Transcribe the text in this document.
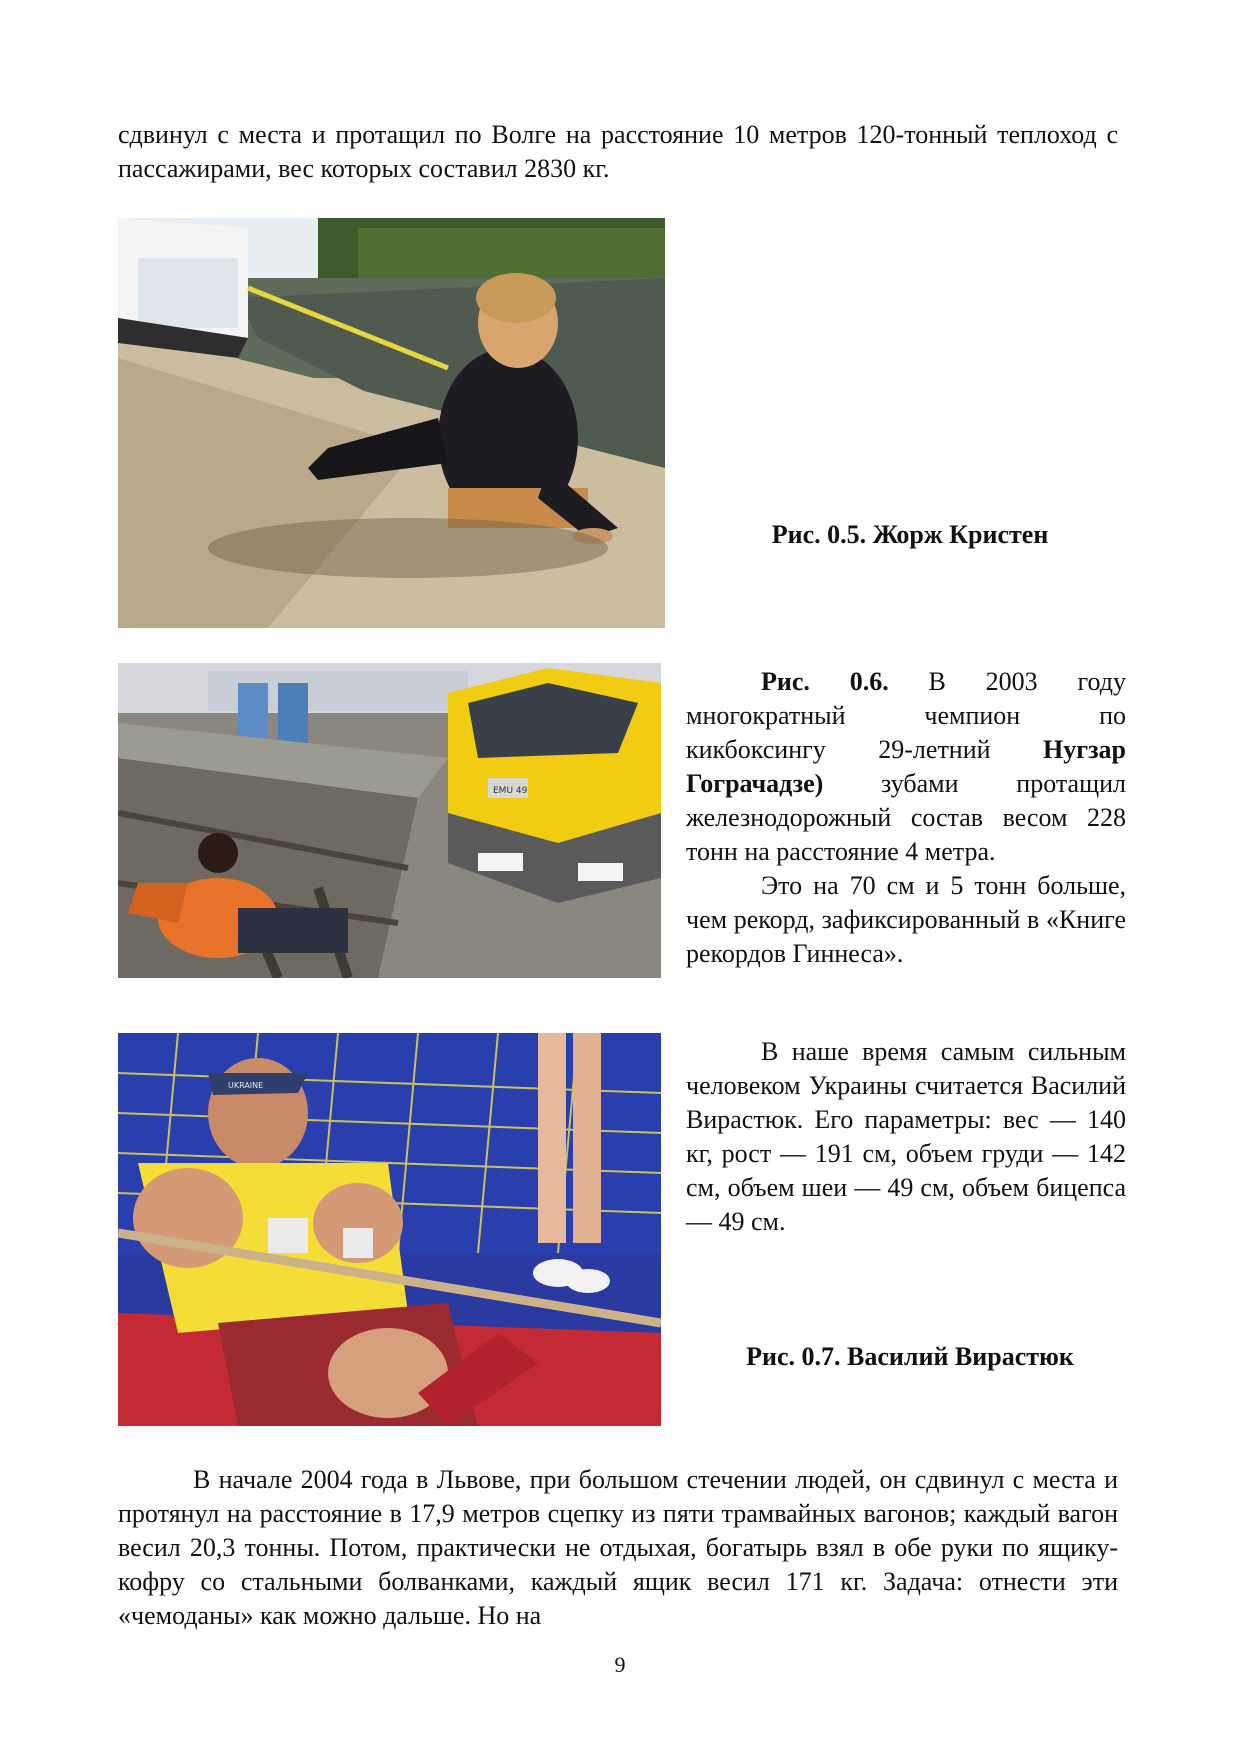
сдвинул с места и протащил по Волге на расстояние 10 метров 120-тонный теплоход с пассажирами, вес которых составил 2830 кг.

Рис. 0.5. Жорж Кристен
EMU 49

Рис. 0.6. В 2003 году многократный чемпион по кикбоксингу 29-летний Нугзар Гограчадзе) зубами протащил железнодорожный состав весом 228 тонн на расстояние 4 метра.

Это на 70 см и 5 тонн больше, чем рекорд, зафиксированный в «Книге рекордов Гиннеса».

UKRAINE

В наше время самым сильным человеком Украины считается Василий Вирастюк. Его параметры: вес — 140 кг, рост — 191 см, объем груди — 142 см, объем шеи — 49 см, объем бицепса — 49 см.

Рис. 0.7. Василий Вирастюк

В начале 2004 года в Львове, при большом стечении людей, он сдвинул с места и протянул на расстояние в 17,9 метров сцепку из пяти трамвайных вагонов; каждый вагон весил 20,3 тонны. Потом, практически не отдыхая, богатырь взял в обе руки по ящику-кофру со стальными болванками, каждый ящик весил 171 кг. Задача: отнести эти «чемоданы» как можно дальше. Но на

9
